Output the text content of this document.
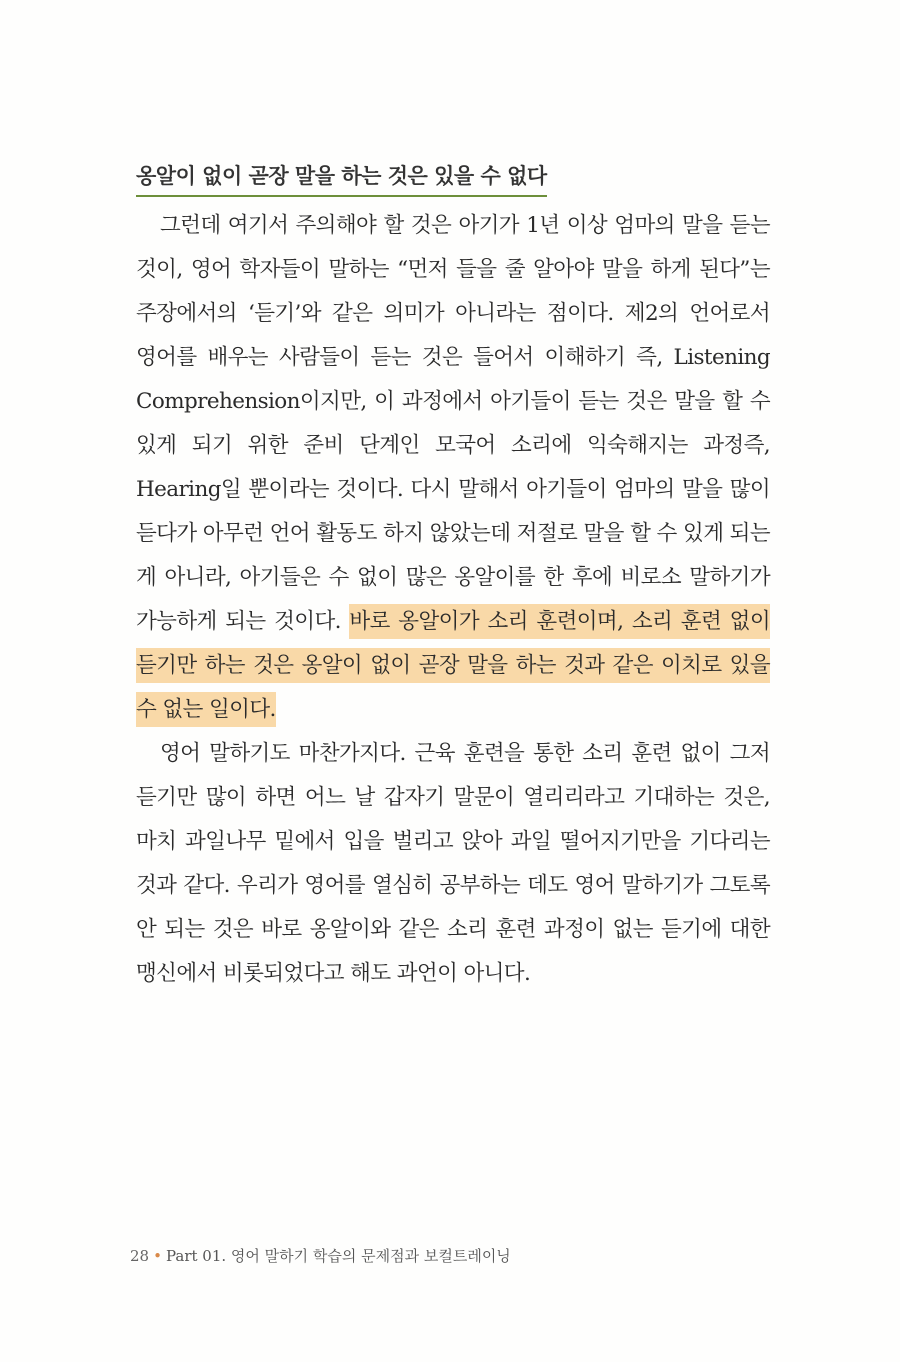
옹알이 없이 곧장 말을 하는 것은 있을 수 없다

그런데 여기서 주의해야 할 것은 아기가 1년 이상 엄마의 말을 듣는 것이, 영어 학자들이 말하는 “먼저 들을 줄 알아야 말을 하게 된다”는 주장에서의 ‘듣기’와 같은 의미가 아니라는 점이다. 제2의 언어로서 영어를 배우는 사람들이 듣는 것은 들어서 이해하기 즉, Listening Comprehension이지만, 이 과정에서 아기들이 듣는 것은 말을 할 수 있게 되기 위한 준비 단계인 모국어 소리에 익숙해지는 과정즉, Hearing일 뿐이라는 것이다. 다시 말해서 아기들이 엄마의 말을 많이 듣다가 아무런 언어 활동도 하지 않았는데 저절로 말을 할 수 있게 되는 게 아니라, 아기들은 수 없이 많은 옹알이를 한 후에 비로소 말하기가 가능하게 되는 것이다. 바로 옹알이가 소리 훈련이며, 소리 훈련 없이 듣기만 하는 것은 옹알이 없이 곧장 말을 하는 것과 같은 이치로 있을 수 없는 일이다.

영어 말하기도 마찬가지다. 근육 훈련을 통한 소리 훈련 없이 그저 듣기만 많이 하면 어느 날 갑자기 말문이 열리리라고 기대하는 것은, 마치 과일나무 밑에서 입을 벌리고 앉아 과일 떨어지기만을 기다리는 것과 같다. 우리가 영어를 열심히 공부하는 데도 영어 말하기가 그토록 안 되는 것은 바로 옹알이와 같은 소리 훈련 과정이 없는 듣기에 대한 맹신에서 비롯되었다고 해도 과언이 아니다.

28 • Part 01. 영어 말하기 학습의 문제점과 보컬트레이닝
